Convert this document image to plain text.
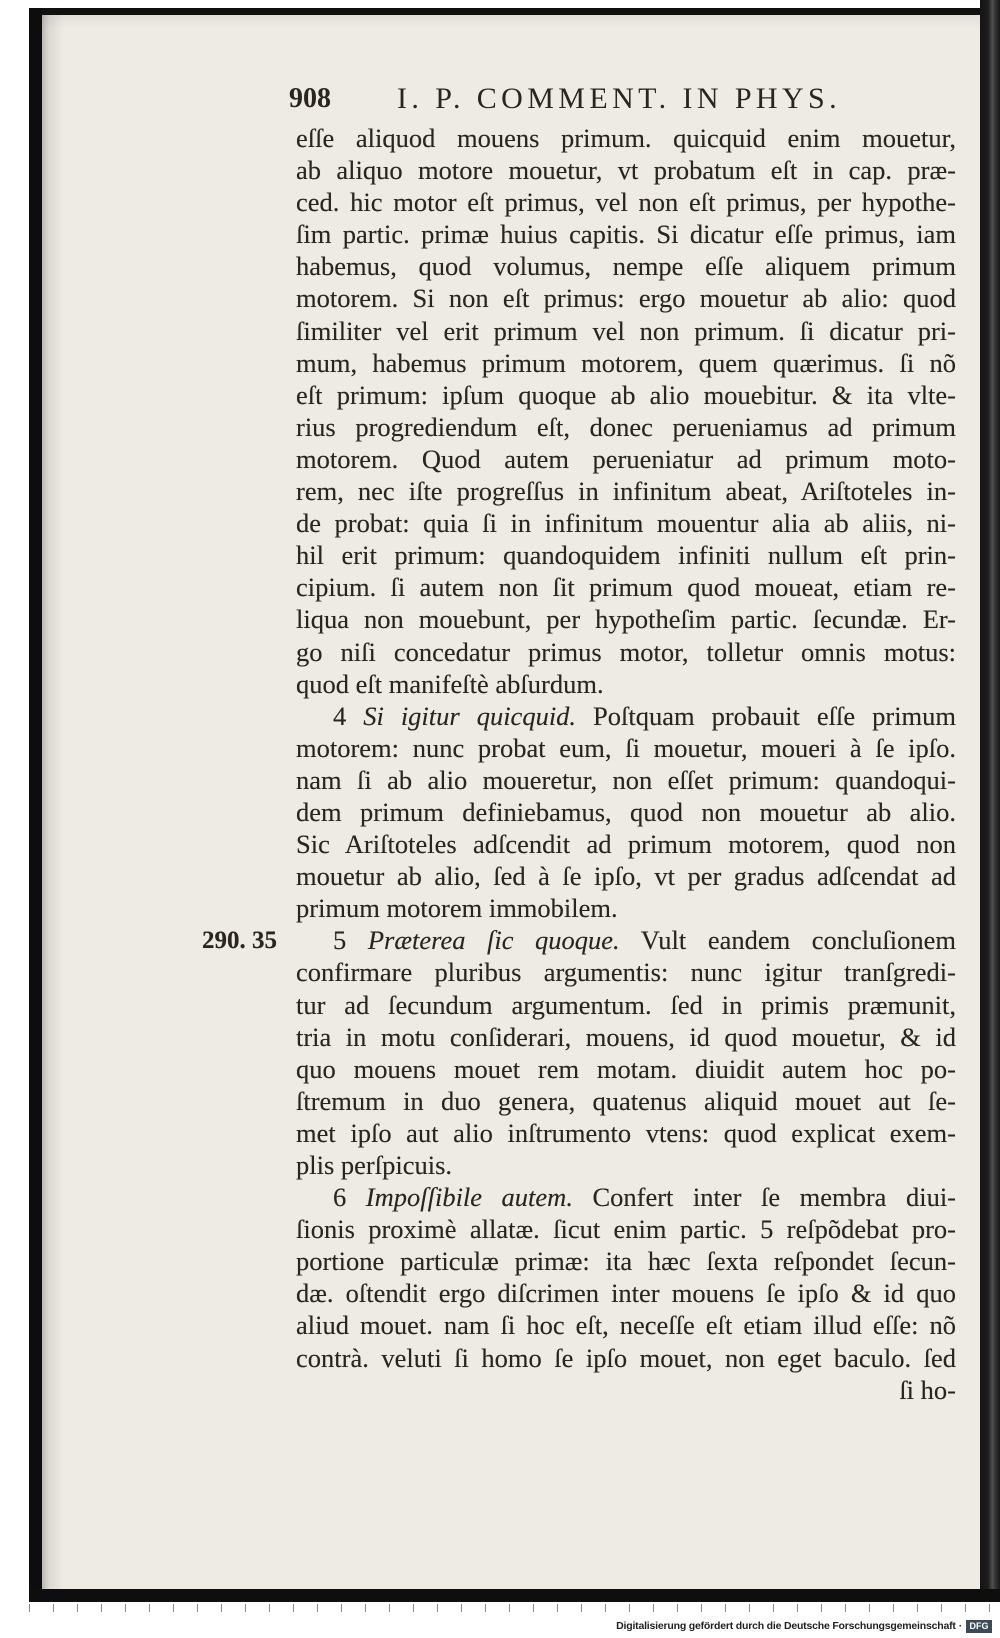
908 I. P. COMMENT. IN PHYS.
eſſe aliquod mouens primum. quicquid enim mouetur,
ab aliquo motore mouetur, vt probatum eſt in cap. præ-
ced. hic motor eſt primus, vel non eſt primus, per hypothe-
ſim partic. primæ huius capitis. Si dicatur eſſe primus, iam
habemus, quod volumus, nempe eſſe aliquem primum
motorem. Si non eſt primus: ergo mouetur ab alio: quod
ſimiliter vel erit primum vel non primum. ſi dicatur pri-
mum, habemus primum motorem, quem quærimus. ſi nõ
eſt primum: ipſum quoque ab alio mouebitur. & ita vlte-
rius progrediendum eſt, donec perueniamus ad primum
motorem. Quod autem perueniatur ad primum moto-
rem, nec iſte progreſſus in infinitum abeat, Ariſtoteles in-
de probat: quia ſi in infinitum mouentur alia ab aliis, ni-
hil erit primum: quandoquidem infiniti nullum eſt prin-
cipium. ſi autem non ſit primum quod moueat, etiam re-
liqua non mouebunt, per hypotheſim partic. ſecundæ. Er-
go niſi concedatur primus motor, tolletur omnis motus:
quod eſt manifeſtè abſurdum.
4 Si igitur quicquid. Poſtquam probauit eſſe primum
motorem: nunc probat eum, ſi mouetur, moueri à ſe ipſo.
nam ſi ab alio moueretur, non eſſet primum: quandoqui-
dem primum definiebamus, quod non mouetur ab alio.
Sic Ariſtoteles adſcendit ad primum motorem, quod non
mouetur ab alio, ſed à ſe ipſo, vt per gradus adſcendat ad
primum motorem immobilem.
5 Præterea ſic quoque. Vult eandem concluſionem
confirmare pluribus argumentis: nunc igitur tranſgredi-
tur ad ſecundum argumentum. ſed in primis præmunit,
tria in motu conſiderari, mouens, id quod mouetur, & id
quo mouens mouet rem motam. diuidit autem hoc po-
ſtremum in duo genera, quatenus aliquid mouet aut ſe-
met ipſo aut alio inſtrumento vtens: quod explicat exem-
plis perſpicuis.
6 Impoſſibile autem. Confert inter ſe membra diui-
ſionis proximè allatæ. ſicut enim partic. 5 reſpõdebat pro-
portione particulæ primæ: ita hæc ſexta reſpondet ſecun-
dæ. oſtendit ergo diſcrimen inter mouens ſe ipſo & id quo
aliud mouet. nam ſi hoc eſt, neceſſe eſt etiam illud eſſe: nõ
contrà. veluti ſi homo ſe ipſo mouet, non eget baculo. ſed
ſi ho-
290. 35
Digitalisierung gefördert durch die Deutsche Forschungsgemeinschaft · DFG
